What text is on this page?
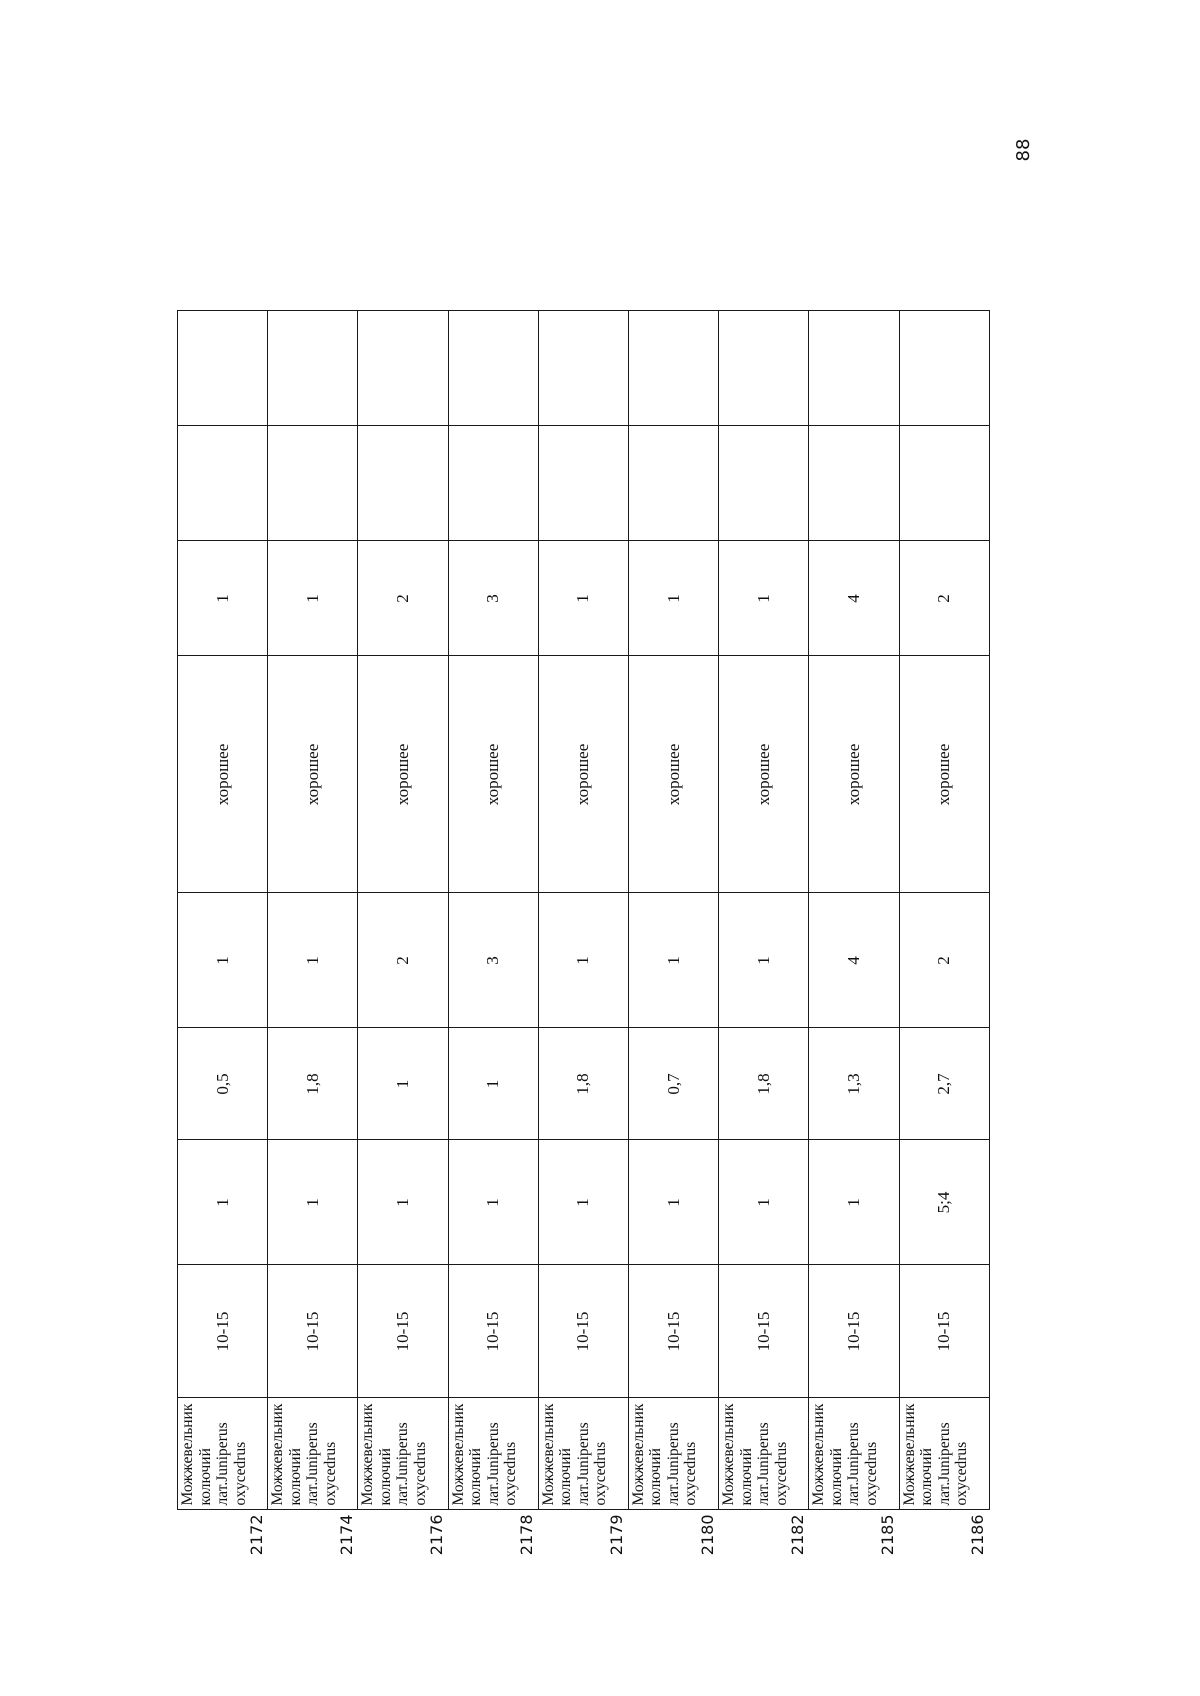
88
2172	Можжевельник колючий лат.Juniperus oxycedrus	10-15	1	0,5	1	хорошее	1		
2174	Можжевельник колючий лат.Juniperus oxycedrus	10-15	1	1,8	1	хорошее	1		
2176	Можжевельник колючий лат.Juniperus oxycedrus	10-15	1	1	2	хорошее	2		
2178	Можжевельник колючий лат.Juniperus oxycedrus	10-15	1	1	3	хорошее	3		
2179	Можжевельник колючий лат.Juniperus oxycedrus	10-15	1	1,8	1	хорошее	1		
2180	Можжевельник колючий лат.Juniperus oxycedrus	10-15	1	0,7	1	хорошее	1		
2182	Можжевельник колючий лат.Juniperus oxycedrus	10-15	1	1,8	1	хорошее	1		
2185	Можжевельник колючий лат.Juniperus oxycedrus	10-15	1	1,3	4	хорошее	4		
2186	Можжевельник колючий лат.Juniperus oxycedrus	10-15	5;4	2,7	2	хорошее	2		
